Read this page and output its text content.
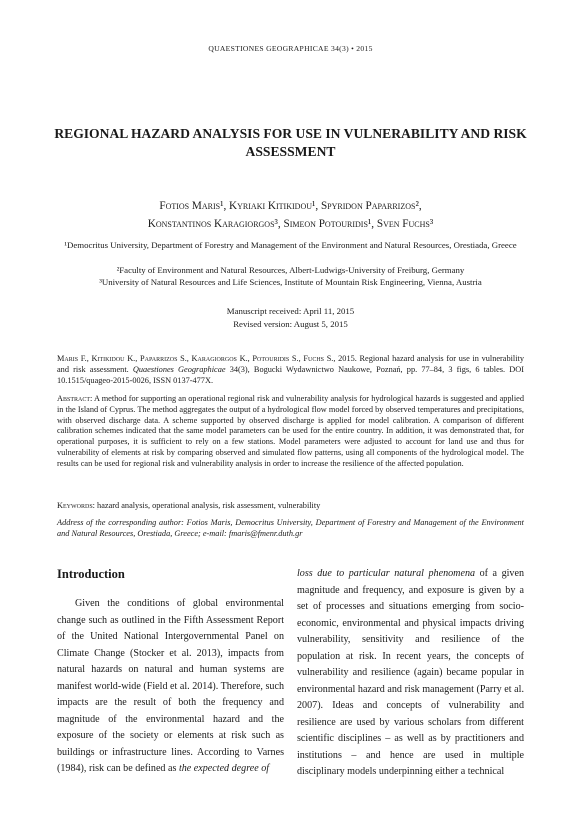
QUAESTIONES GEOGRAPHICAE 34(3) • 2015
REGIONAL HAZARD ANALYSIS FOR USE IN VULNERABILITY AND RISK ASSESSMENT
Fotios Maris¹, Kyriaki Kitikidou¹, Spyridon Paparrizos²,
Konstantinos Karagiorgos³, Simeon Potouridis¹, Sven Fuchs³
¹Democritus University, Department of Forestry and Management of the Environment and Natural Resources, Orestiada, Greece
²Faculty of Environment and Natural Resources, Albert-Ludwigs-University of Freiburg, Germany
³University of Natural Resources and Life Sciences, Institute of Mountain Risk Engineering, Vienna, Austria
Manuscript received: April 11, 2015
Revised version: August 5, 2015
Maris F., Kitikidou K., Paparrizos S., Karagiorgos K., Potouridis S., Fuchs S., 2015. Regional hazard analysis for use in vulnerability and risk assessment. Quaestiones Geographicae 34(3), Bogucki Wydawnictwo Naukowe, Poznań, pp. 77–84, 3 figs, 6 tables. DOI 10.1515/quageo-2015-0026, ISSN 0137-477X.
Abstract: A method for supporting an operational regional risk and vulnerability analysis for hydrological hazards is suggested and applied in the Island of Cyprus. The method aggregates the output of a hydrological flow model forced by observed temperatures and precipitations, with observed discharge data. A scheme supported by observed discharge is applied for model calibration. A comparison of different calibration schemes indicated that the same model parameters can be used for the entire country. In addition, it was demonstrated that, for operational purposes, it is sufficient to rely on a few stations. Model parameters were adjusted to account for land use and thus for vulnerability of elements at risk by comparing observed and simulated flow patterns, using all components of the hydrological model. The results can be used for regional risk and vulnerability analysis in order to increase the resilience of the affected population.
Keywords: hazard analysis, operational analysis, risk assessment, vulnerability
Address of the corresponding author: Fotios Maris, Democritus University, Department of Forestry and Management of the Environment and Natural Resources, Orestiada, Greece; e-mail: fmaris@fmenr.duth.gr
Introduction

Given the conditions of global environmental change such as outlined in the Fifth Assessment Report of the United National Intergovernmental Panel on Climate Change (Stocker et al. 2013), impacts from natural hazards on natural and human systems are manifest world-wide (Field et al. 2014). Therefore, such impacts are the result of both the frequency and magnitude of the environmental hazard and the exposure of the society or elements at risk such as buildings or infrastructure lines. According to Varnes (1984), risk can be defined as the expected degree of

loss due to particular natural phenomena of a given magnitude and frequency, and exposure is given by a set of processes and situations emerging from socio-economic, environmental and physical impacts driving vulnerability, sensitivity and resilience of the population at risk. In recent years, the concepts of vulnerability and resilience (again) became popular in environmental hazard and risk management (Parry et al. 2007). Ideas and concepts of vulnerability and resilience are used by various scholars from different scientific disciplines – as well as by practitioners and institutions – and hence are used in multiple disciplinary models underpinning either a technical
